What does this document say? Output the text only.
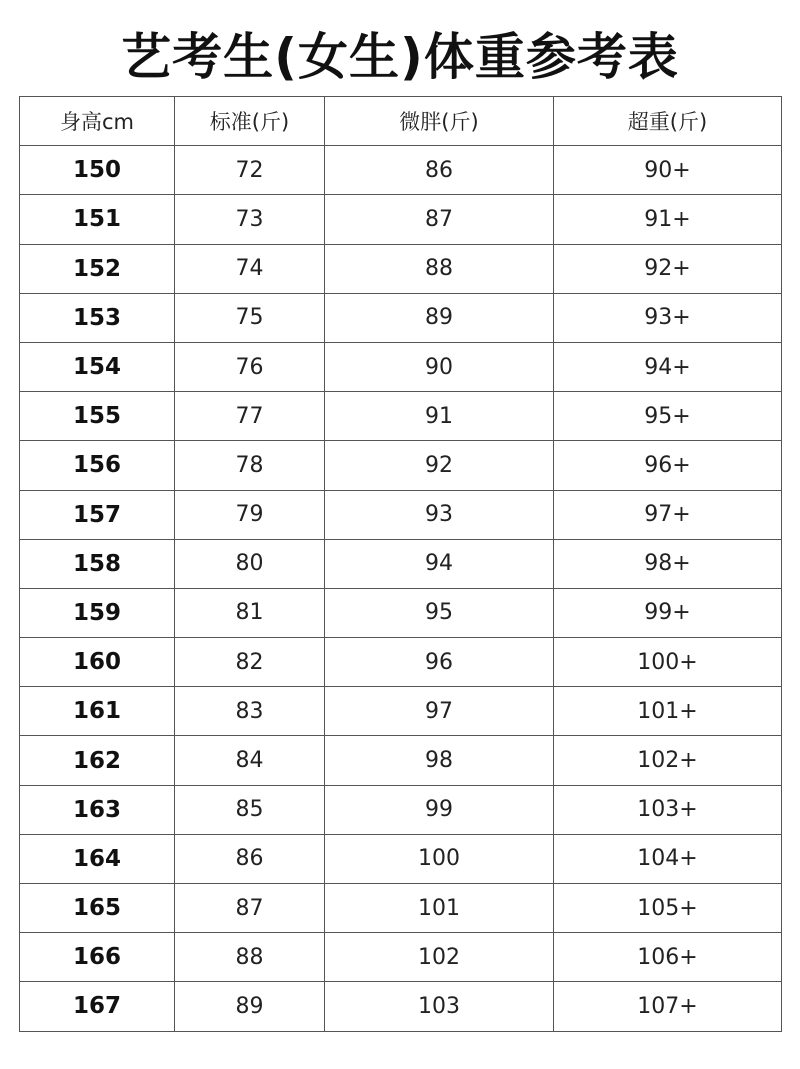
艺考生(女生)体重参考表
身高cm	标准(斤)	微胖(斤)	超重(斤)
150	72	86	90+
151	73	87	91+
152	74	88	92+
153	75	89	93+
154	76	90	94+
155	77	91	95+
156	78	92	96+
157	79	93	97+
158	80	94	98+
159	81	95	99+
160	82	96	100+
161	83	97	101+
162	84	98	102+
163	85	99	103+
164	86	100	104+
165	87	101	105+
166	88	102	106+
167	89	103	107+
